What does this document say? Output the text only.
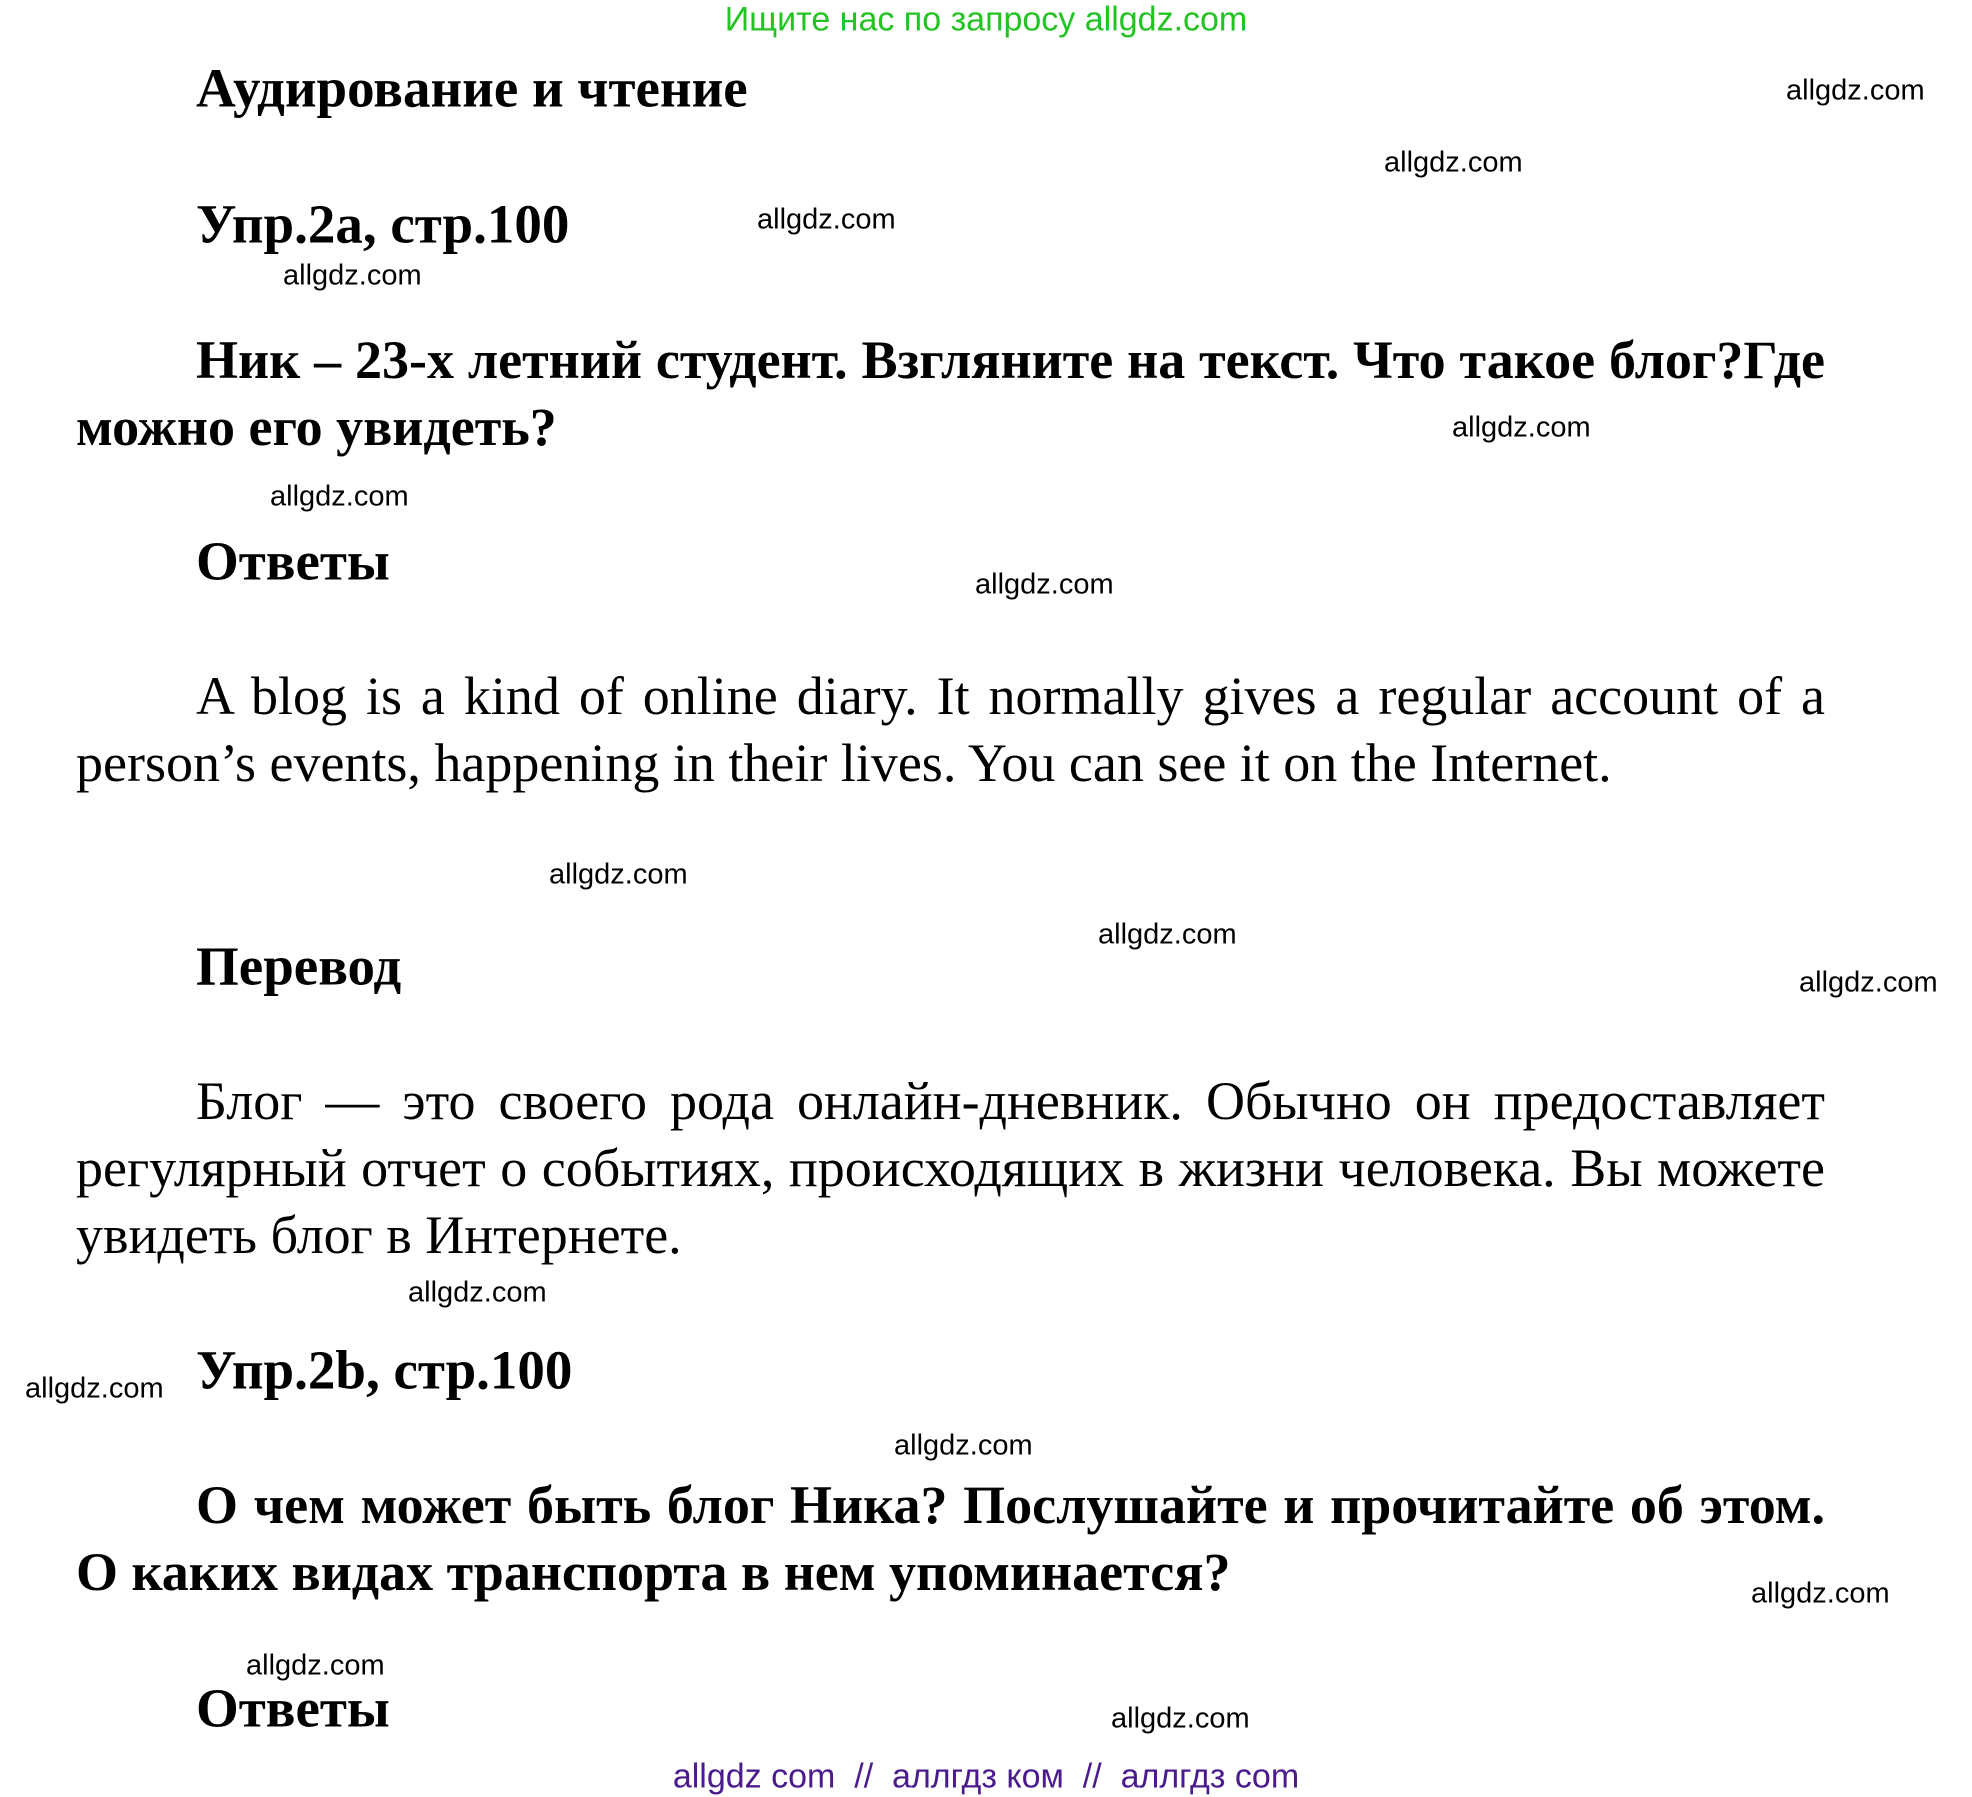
Ищите нас по запросу allgdz.com
Аудирование и чтение
Упр.2a, стр.100
Ник – 23-х летний студент. Взгляните на текст. Что такое блог?Где можно его увидеть?
Ответы
A blog is a kind of online diary. It normally gives a regular account of a person’s events, happening in their lives. You can see it on the Internet.
Перевод
Блог — это своего рода онлайн-дневник. Обычно он предоставляет регулярный отчет о событиях, происходящих в жизни человека. Вы можете увидеть блог в Интернете.
Упр.2b, стр.100
О чем может быть блог Ника? Послушайте и прочитайте об этом. О каких видах транспорта в нем упоминается?
Ответы
allgdz.com
allgdz.com
allgdz.com
allgdz.com
allgdz.com
allgdz.com
allgdz.com
allgdz.com
allgdz.com
allgdz.com
allgdz.com
allgdz.com
allgdz.com
allgdz.com
allgdz.com
allgdz.com
allgdz com  //  аллгдз ком  //  аллгдз com
